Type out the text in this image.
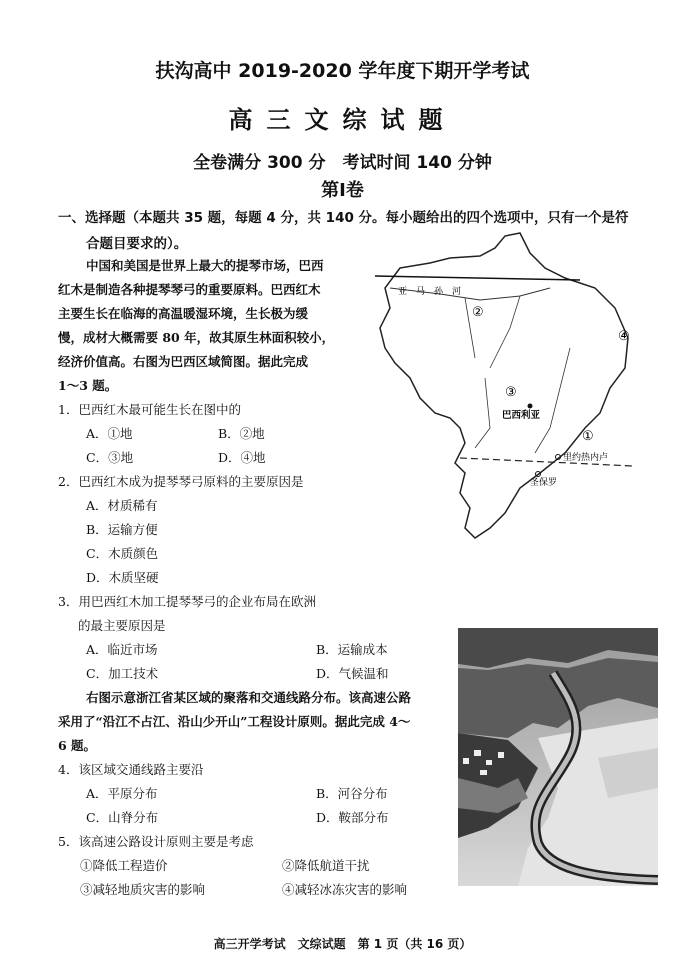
扶沟高中 2019-2020 学年度下期开学考试
高三文综试题
全卷满分 300 分　考试时间 140 分钟
第Ⅰ卷
一、选择题（本题共 35 题，每题 4 分，共 140 分。每小题给出的四个选项中，只有一个是符
合题目要求的）。
中国和美国是世界上最大的提琴市场，巴西
红木是制造各种提琴琴弓的重要原料。巴西红木
主要生长在临海的高温暖湿环境，生长极为缓
慢，成材大概需要 80 年，故其原生林面积较小，
经济价值高。右图为巴西区域简图。据此完成
1～3 题。
亚　马　孙　河
②
④
③
①
巴西利亚
里约热内卢
圣保罗
1．巴西红木最可能生长在图中的
A．①地	B．②地
C．③地	D．④地
2．巴西红木成为提琴琴弓原料的主要原因是
A．材质稀有
B．运输方便
C．木质颜色
D．木质坚硬
3．用巴西红木加工提琴琴弓的企业布局在欧洲
的最主要原因是
A．临近市场	B．运输成本
C．加工技术	D．气候温和
右图示意浙江省某区域的聚落和交通线路分布。该高速公路
采用了“沿江不占江、沿山少开山”工程设计原则。据此完成 4～
6 题。
4．该区域交通线路主要沿
A．平原分布	B．河谷分布
C．山脊分布	D．鞍部分布
5．该高速公路设计原则主要是考虑
①降低工程造价	②降低航道干扰
③减轻地质灾害的影响	④减轻冰冻灾害的影响
高三开学考试　文综试题　第 1 页（共 16 页）
